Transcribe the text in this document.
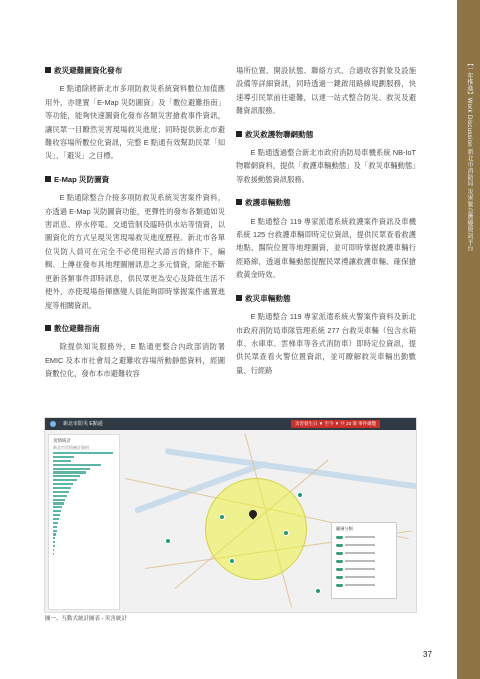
【一年推進】Work Discussion 新北市消防局 災害緊急應變資訊平台
救災避難圖資化發布
E 點通除將新北市多項防救災系統資料數位加值應用外，亦建置「E-Map 災防圖資」及「數位避難指南」等功能，能夠快速圖資化發布各類災害搶救事件資訊，讓民眾一目瞭然災害現場救災進度；同時提供新北市避難收容場所數位化資訊，完整 E 點通有效幫助民眾「知災」、「避災」之目標。
E-Map 災防圖資
E 點通除整合介接多項防救災系統災害案件資料，亦透過 E-Map 災防圖資功能，更彈性的發布各類通如災害訊息、停水停電、交通管制及臨時供水站等情資，以圖資化的方式呈現災害現場救災進度歷程。新北市各單位災防人員可在完全不必使用程式語言的條件下，編輯、上傳並發布具地理圖層訊息之多元情資，除能不斷更新各類事件即時訊息，供民眾更為安心及降低生活不便外，亦使現場指揮應變人員能夠即時掌握案件處置進度等相關資訊。
數位避難指南
除提供知災服務外，E 點通更整合內政部消防署 EMIC 及本市社會局之避難收容場所動靜態資料，經圖資數位化，發布本市避難收容
場所位置、開設狀態、聯絡方式、合適收容對象及設施設備等詳細資訊，同時透過一鍵啟用路線規劃服務，快速導引民眾前往避難，以達一站式整合防災、救災及避難資訊服務。
救災救護物聯網動態
E 點通透過整合新北市政府消防局車機系統 NB-IoT 物聯網資料，提供「救護車輛動態」及「救災車輛動態」等救援動態資訊服務。
救護車輛動態
E 點通整合 119 專家派遣系統救護案件資訊及車機系統 125 台救護車輛即時定位資訊，提供民眾查看救護地點、醫院位置等地理圖資，並可即時掌握救護車輛行經路線，透過車輛動態提醒民眾禮讓救護車輛、確保搶救黃金時效。
救災車輛動態
E 點通整合 119 專家派遣系統火警案件資料及新北市政府消防局車隊管理系統 277 台救災車輛（包含水箱車、水庫車、雲梯車等各式消防車）即時定位資訊，提供民眾查看火警位置資訊，並可瞭解救災車輛出勤數量、行經路
新北市防災 E點通	災害發生日 ▼ 至今 ▼ 共 23 筆 事件總覽
災情統計
新北市災情統計資料
圖層分類
圖一、互動式統計圖表 - 災害統計
37
